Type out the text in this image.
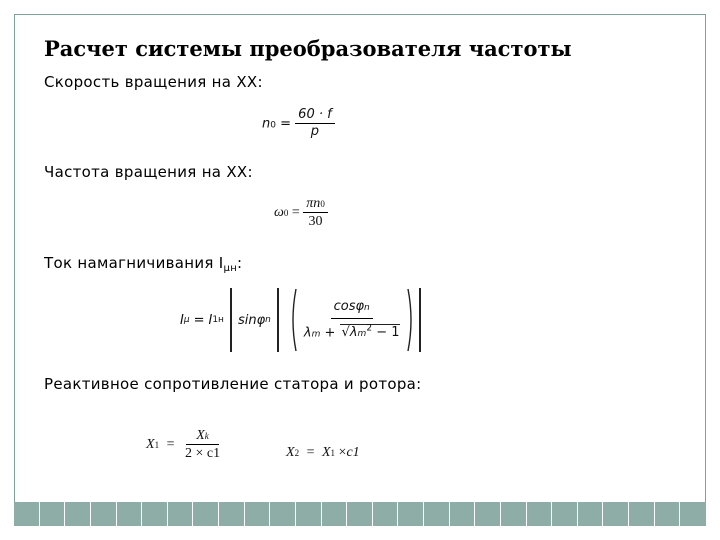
Расчет системы преобразователя частоты
Скорость вращения на ХХ:
$n0 = \frac{60 \cdot f}{p}$
Частота вращения на ХХ:
$\omega 0 = \frac{\pi n0}{30}$
Ток намагничивания $I_{\mu н}$:
I μ = I 1н sinφ n $\frac{\cos\varphi n}{\lambda m + √\lambda m^2 - 1}$
Реактивное сопротивление статора и ротора:
$X1 = \frac{Xk}{2 \times c1}$	X2 = X1 ×c1
